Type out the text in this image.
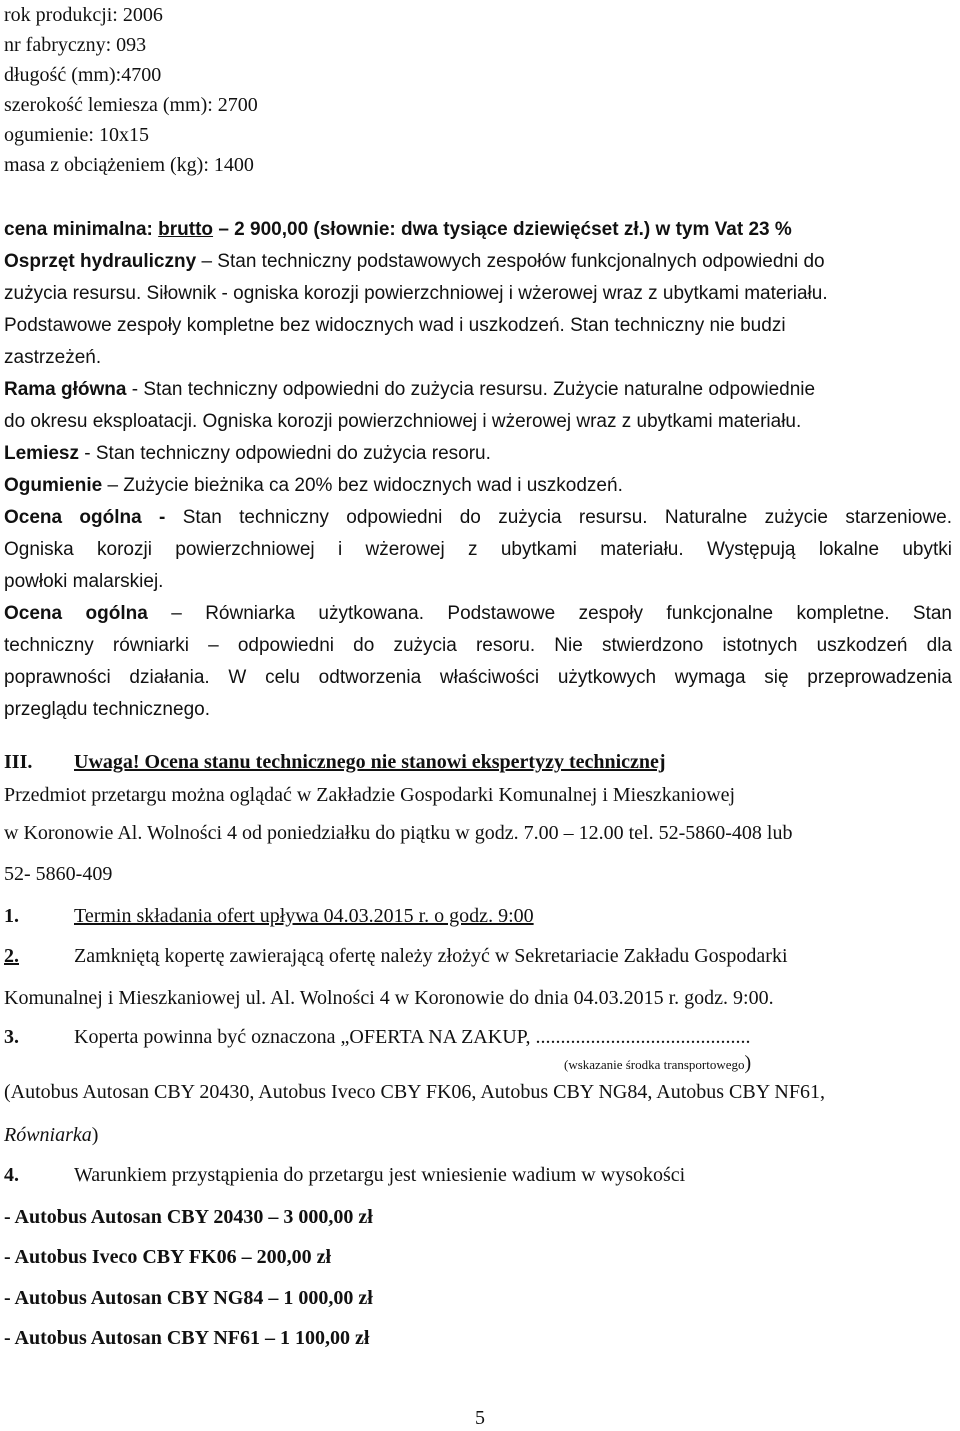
rok produkcji: 2006
nr fabryczny: 093
długość (mm):4700
szerokość lemiesza (mm): 2700
ogumienie: 10x15
masa z obciążeniem (kg): 1400
cena minimalna: brutto – 2 900,00 (słownie: dwa tysiące dziewięćset zł.) w tym Vat 23 %
Osprzęt hydrauliczny – Stan techniczny podstawowych zespołów funkcjonalnych odpowiedni do
zużycia resursu. Siłownik - ogniska korozji powierzchniowej i wżerowej wraz z ubytkami materiału.
Podstawowe zespoły kompletne bez widocznych wad i uszkodzeń. Stan techniczny nie budzi
zastrzeżeń.
Rama główna - Stan techniczny odpowiedni do zużycia resursu. Zużycie naturalne odpowiednie
do okresu eksploatacji. Ogniska korozji powierzchniowej i wżerowej wraz z ubytkami materiału.
Lemiesz - Stan techniczny odpowiedni do zużycia resoru.
Ogumienie – Zużycie bieżnika ca 20% bez widocznych wad i uszkodzeń.
Ocena ogólna - Stan techniczny odpowiedni do zużycia resursu. Naturalne zużycie starzeniowe.
Ogniska korozji powierzchniowej i wżerowej z ubytkami materiału. Występują lokalne ubytki
powłoki malarskiej.
Ocena ogólna – Równiarka użytkowana. Podstawowe zespoły funkcjonalne kompletne. Stan
techniczny równiarki – odpowiedni do zużycia resoru. Nie stwierdzono istotnych uszkodzeń dla
poprawności działania. W celu odtworzenia właściwości użytkowych wymaga się przeprowadzenia
przeglądu technicznego.
III.	Uwaga! Ocena stanu technicznego nie stanowi ekspertyzy technicznej
Przedmiot przetargu można oglądać w Zakładzie Gospodarki Komunalnej i Mieszkaniowej
w Koronowie Al. Wolności 4 od poniedziałku do piątku w godz. 7.00 – 12.00 tel. 52-5860-408 lub
52- 5860-409
1.	Termin składania ofert upływa 04.03.2015 r. o godz. 9:00
2.	Zamkniętą kopertę zawierającą ofertę należy złożyć w Sekretariacie Zakładu Gospodarki
Komunalnej i Mieszkaniowej ul. Al. Wolności 4 w Koronowie do dnia 04.03.2015 r. godz. 9:00.
3.	Koperta powinna być oznaczona „OFERTA NA ZAKUP, ...........................................
(wskazanie środka transportowego)
(Autobus Autosan CBY 20430, Autobus Iveco CBY FK06, Autobus CBY NG84, Autobus CBY NF61,
Równiarka)
4.	Warunkiem przystąpienia do przetargu jest wniesienie wadium w wysokości
- Autobus Autosan CBY 20430 – 3 000,00 zł
- Autobus Iveco CBY FK06 – 200,00 zł
- Autobus Autosan CBY NG84 – 1 000,00 zł
- Autobus Autosan CBY NF61 – 1 100,00 zł
5
